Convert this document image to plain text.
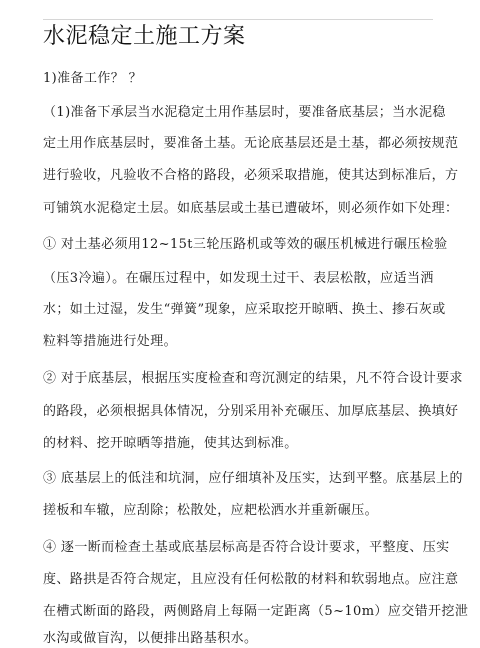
水泥稳定土施工方案
1)准备工作？ ？
（1)准备下承层当水泥稳定土用作基层时，要准备底基层；当水泥稳
定土用作底基层时，要准备土基。无论底基层还是土基，都必须按规范
进行验收，凡验收不合格的路段，必须采取措施，使其达到标准后，方
可铺筑水泥稳定土层。如底基层或土基已遭破坏，则必须作如下处理：
① 对土基必须用12~15t三轮压路机或等效的碾压机械进行碾压检验
（压3冷遍）。在碾压过程中，如发现土过干、表层松散，应适当洒
水；如土过湿，发生“弹簧”现象，应采取挖开晾晒、换土、掺石灰或
粒料等措施进行处理。
② 对于底基层，根据压实度检查和弯沉测定的结果，凡不符合设计要求
的路段，必须根据具体情况，分别采用补充碾压、加厚底基层、换填好
的材料、挖开晾晒等措施，使其达到标准。
③ 底基层上的低洼和坑洞，应仔细填补及压实，达到平整。底基层上的
搓板和车辙，应刮除；松散处，应耙松洒水并重新碾压。
④ 逐一断而检查土基或底基层标高是否符合设计要求，平整度、压实
度、路拱是否符合规定，且应没有任何松散的材料和软弱地点。应注意
在槽式断面的路段，两侧路肩上每隔一定距离（5~10m）应交错开挖泄
水沟或做盲沟，以便排出路基积水。
